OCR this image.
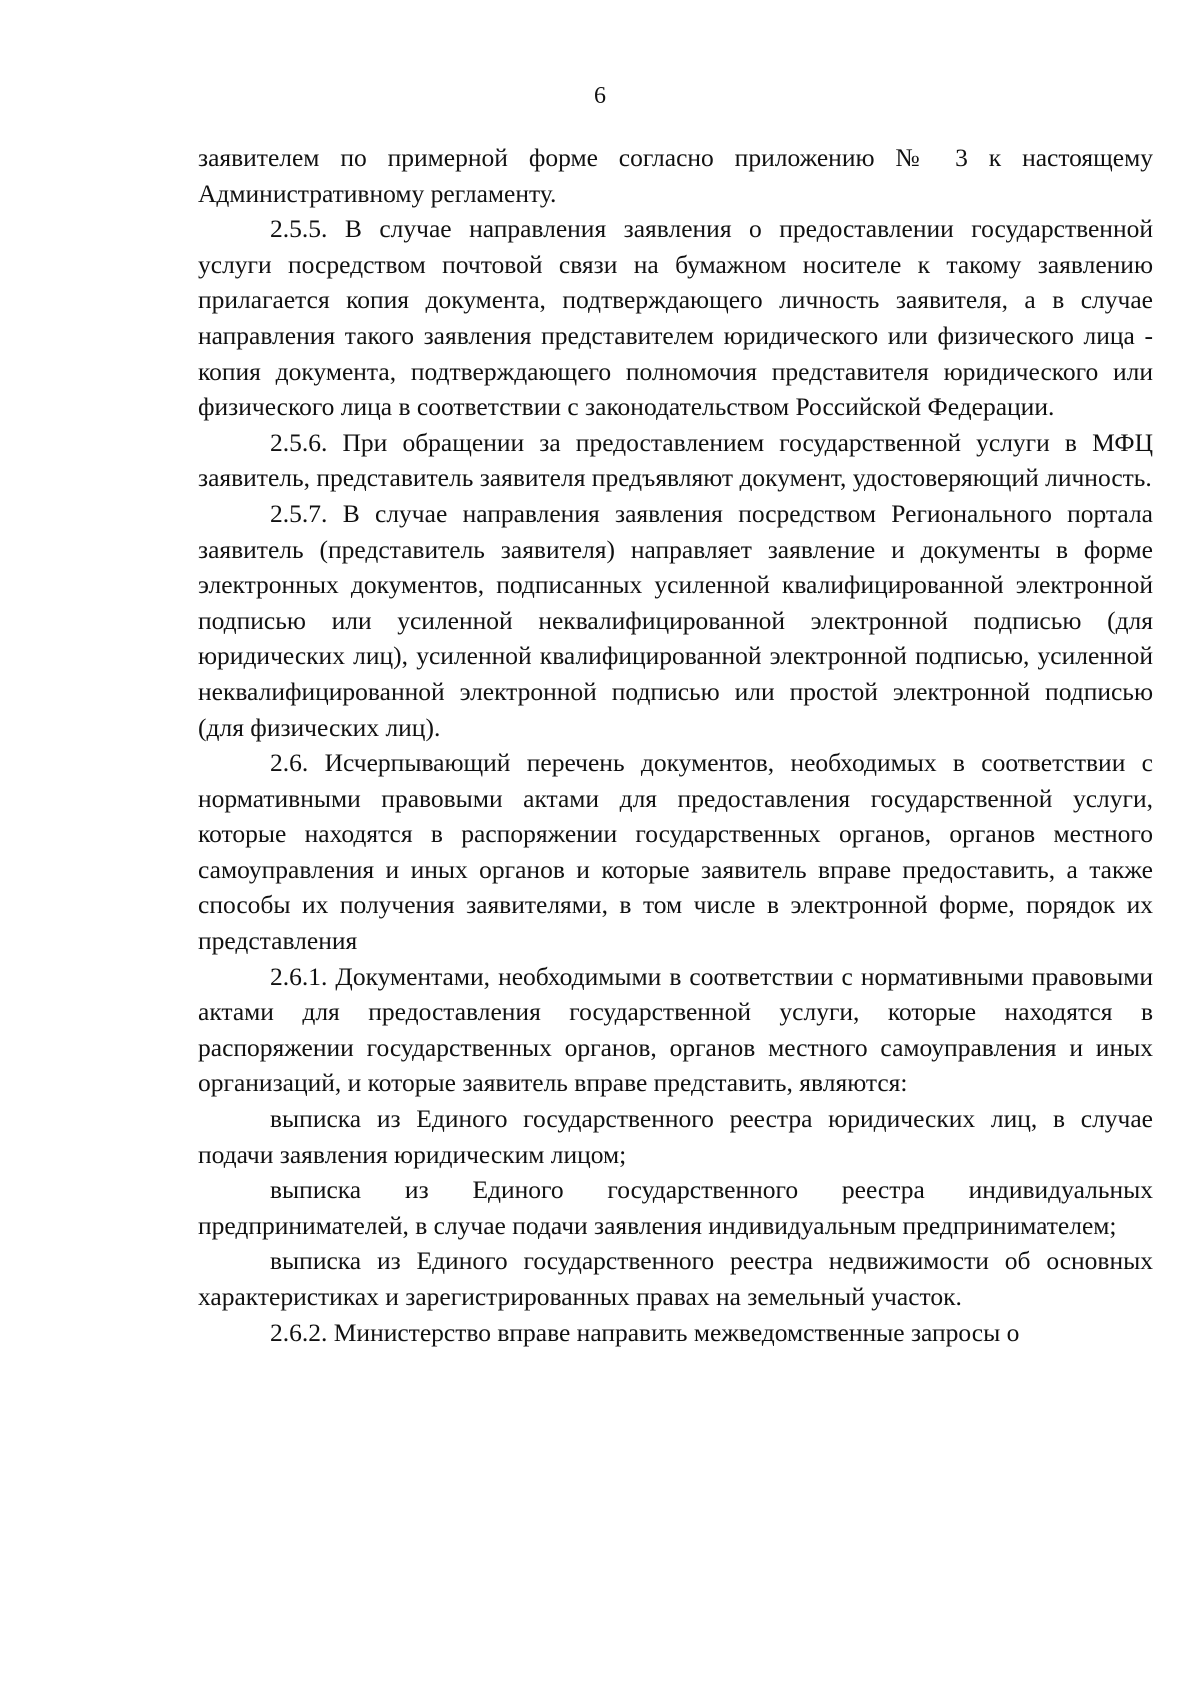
6

заявителем по примерной форме согласно приложению № 3 к настоящему Административному регламенту.

2.5.5. В случае направления заявления о предоставлении государственной услуги посредством почтовой связи на бумажном носителе к такому заявлению прилагается копия документа, подтверждающего личность заявителя, а в случае направления такого заявления представителем юридического или физического лица - копия документа, подтверждающего полномочия представителя юридического или физического лица в соответствии с законодательством Российской Федерации.

2.5.6. При обращении за предоставлением государственной услуги в МФЦ заявитель, представитель заявителя предъявляют документ, удостоверяющий личность.

2.5.7. В случае направления заявления посредством Регионального портала заявитель (представитель заявителя) направляет заявление и документы в форме электронных документов, подписанных усиленной квалифицированной электронной подписью или усиленной неквалифицированной электронной подписью (для юридических лиц), усиленной квалифицированной электронной подписью, усиленной неквалифицированной электронной подписью или простой электронной подписью (для физических лиц).

2.6. Исчерпывающий перечень документов, необходимых в соответствии с нормативными правовыми актами для предоставления государственной услуги, которые находятся в распоряжении государственных органов, органов местного самоуправления и иных органов и которые заявитель вправе предоставить, а также способы их получения заявителями, в том числе в электронной форме, порядок их представления

2.6.1. Документами, необходимыми в соответствии с нормативными правовыми актами для предоставления государственной услуги, которые находятся в распоряжении государственных органов, органов местного самоуправления и иных организаций, и которые заявитель вправе представить, являются:

выписка из Единого государственного реестра юридических лиц, в случае подачи заявления юридическим лицом;

выписка из Единого государственного реестра индивидуальных предпринимателей, в случае подачи заявления индивидуальным предпринимателем;

выписка из Единого государственного реестра недвижимости об основных характеристиках и зарегистрированных правах на земельный участок.

2.6.2. Министерство вправе направить межведомственные запросы о
